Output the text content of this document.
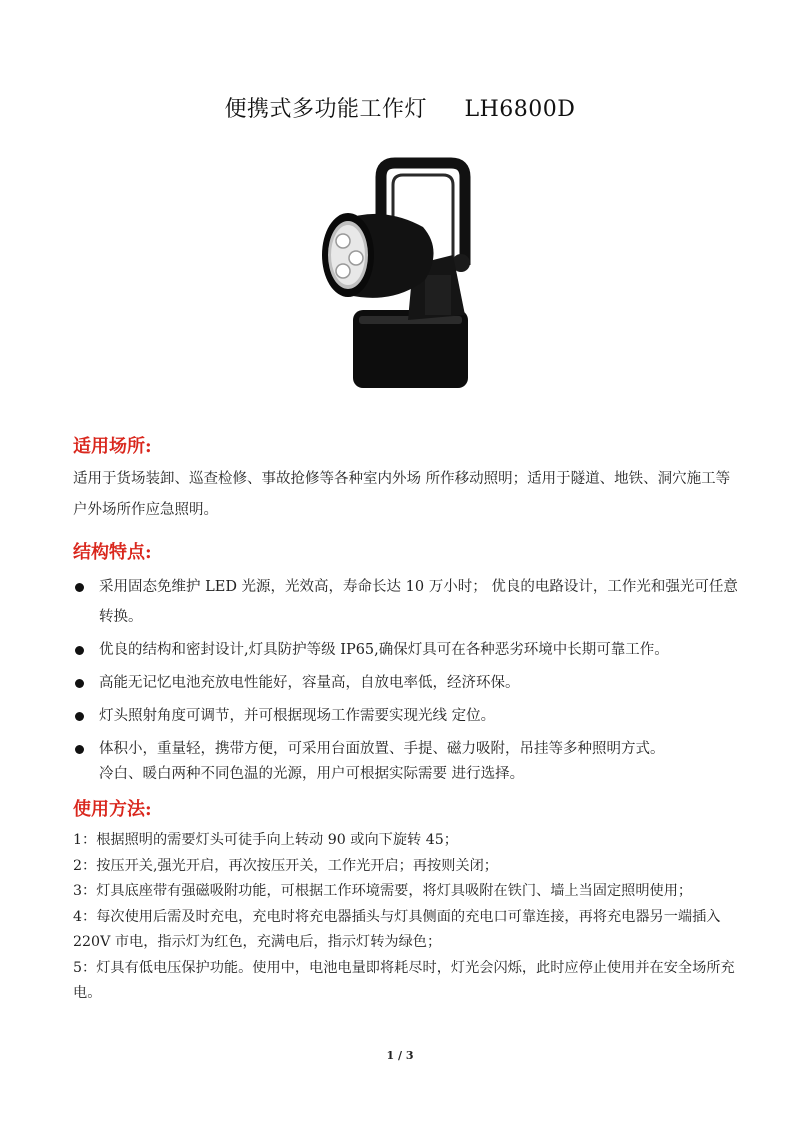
便携式多功能工作灯     LH6800D
适用场所:
适用于货场装卸、巡查检修、事故抢修等各种室内外场 所作移动照明；适用于隧道、地铁、洞穴施工等户外场所作应急照明。
结构特点:
采用固态免维护 LED 光源，光效高，寿命长达 10 万小时； 优良的电路设计，工作光和强光可任意转换。
优良的结构和密封设计,灯具防护等级 IP65,确保灯具可在各种恶劣环境中长期可靠工作。
高能无记忆电池充放电性能好，容量高，自放电率低，经济环保。
灯头照射角度可调节，并可根据现场工作需要实现光线 定位。
体积小，重量轻，携带方便，可采用台面放置、手提、磁力吸附，吊挂等多种照明方式。
冷白、暖白两种不同色温的光源，用户可根据实际需要 进行选择。
使用方法:
1：根据照明的需要灯头可徒手向上转动 90 或向下旋转 45；
2：按压开关,强光开启，再次按压开关，工作光开启；再按则关闭；
3：灯具底座带有强磁吸附功能，可根据工作环境需要，将灯具吸附在铁门、墙上当固定照明使用；
4：每次使用后需及时充电，充电时将充电器插头与灯具侧面的充电口可靠连接，再将充电器另一端插入 220V 市电，指示灯为红色，充满电后，指示灯转为绿色；
5：灯具有低电压保护功能。使用中，电池电量即将耗尽时，灯光会闪烁，此时应停止使用并在安全场所充电。
1 / 3
